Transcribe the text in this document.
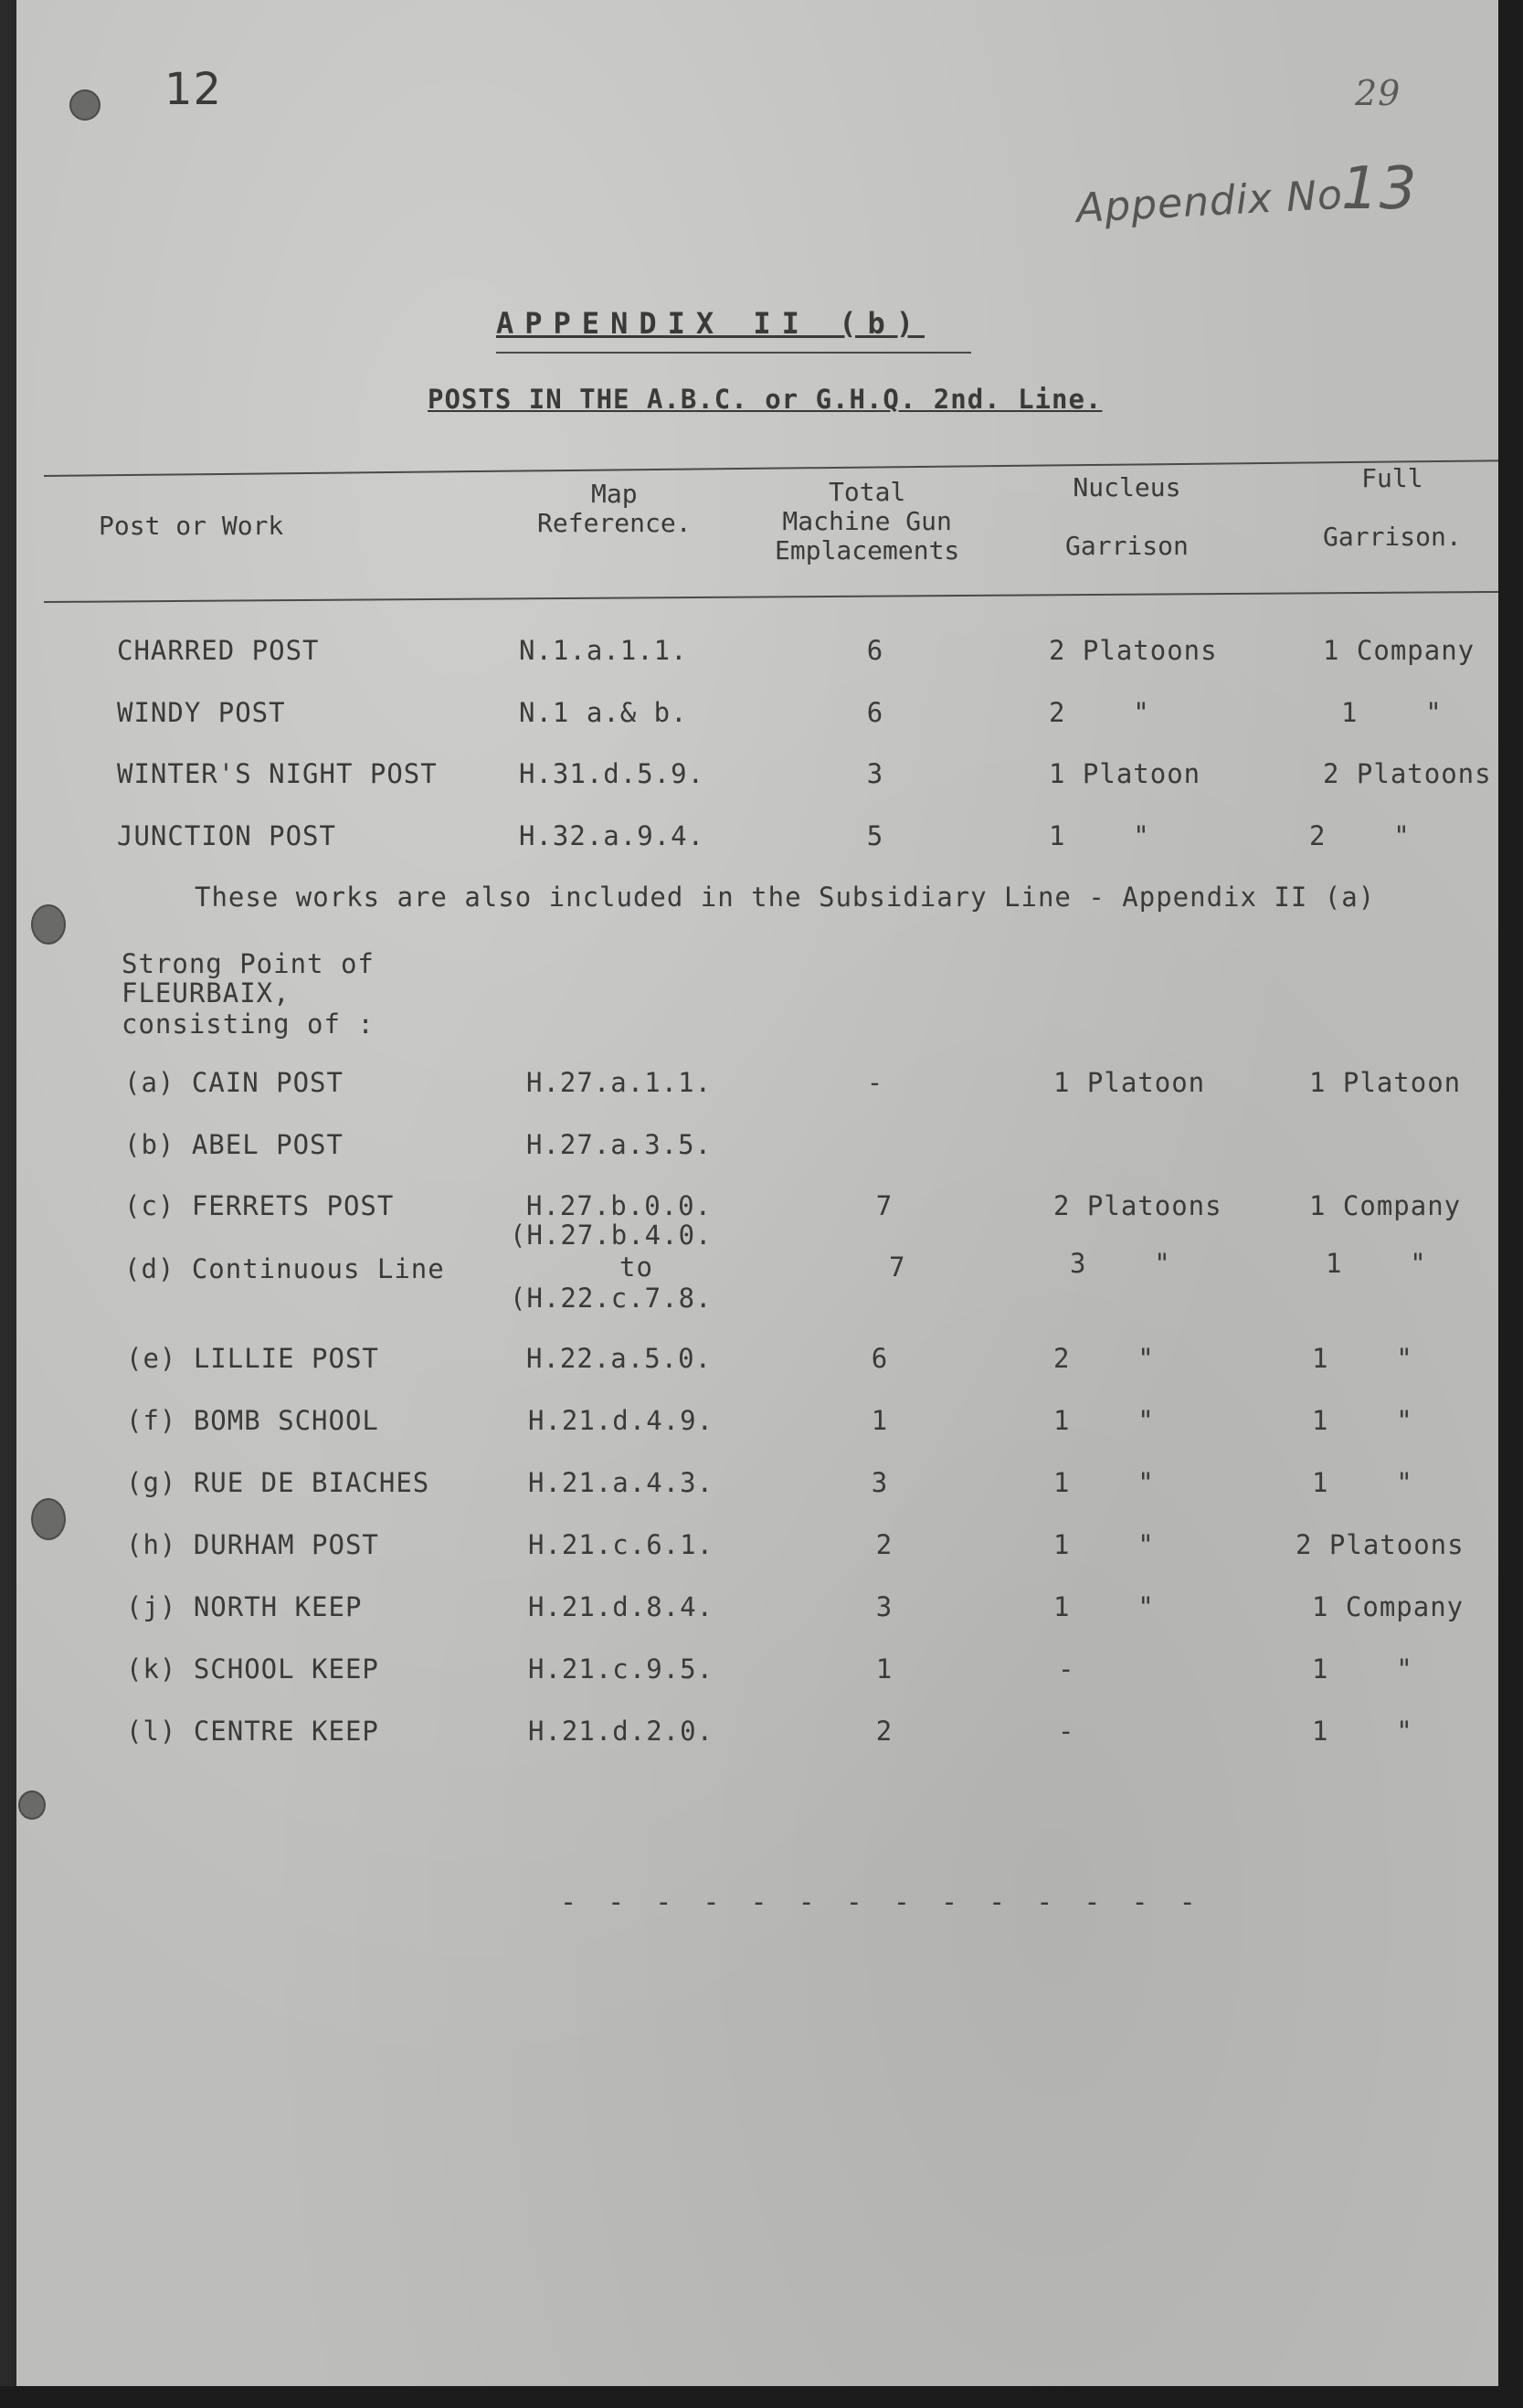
12	29
Appendix No.
13
APPENDIX II (b)
POSTS IN THE A.B.C. or G.H.Q. 2nd. Line.
Post or Work
Map
Reference.
Total
Machine Gun
Emplacements
Nucleus

Garrison
Full

Garrison.
CHARRED POST	N.1.a.1.1.	6	2 Platoons	1 Company
WINDY POST	N.1 a.& b.	6	2    "	1    "
WINTER'S NIGHT POST	H.31.d.5.9.	3	1 Platoon	2 Platoons
JUNCTION POST	H.32.a.9.4.	5	1    "	2    "
These works are also included in the Subsidiary Line - Appendix II (a)
Strong Point of
FLEURBAIX,
consisting of :
(a) CAIN POST	H.27.a.1.1.	-	1 Platoon	1 Platoon
(b) ABEL POST	H.27.a.3.5.
(c) FERRETS POST	H.27.b.0.0.	7	2 Platoons	1 Company
(d) Continuous Line
(H.27.b.4.0.
to
(H.22.c.7.8.
7	3    "	1    "
(e) LILLIE POST	H.22.a.5.0.	6	2    "	1    "
(f) BOMB SCHOOL	H.21.d.4.9.	1	1    "	1    "
(g) RUE DE BIACHES	H.21.a.4.3.	3	1    "	1    "
(h) DURHAM POST	H.21.c.6.1.	2	1    "	2 Platoons
(j) NORTH KEEP	H.21.d.8.4.	3	1    "	1 Company
(k) SCHOOL KEEP	H.21.c.9.5.	1	-	1    "
(l) CENTRE KEEP	H.21.d.2.0.	2	-	1    "
- - - - - - - - - - - - - -
